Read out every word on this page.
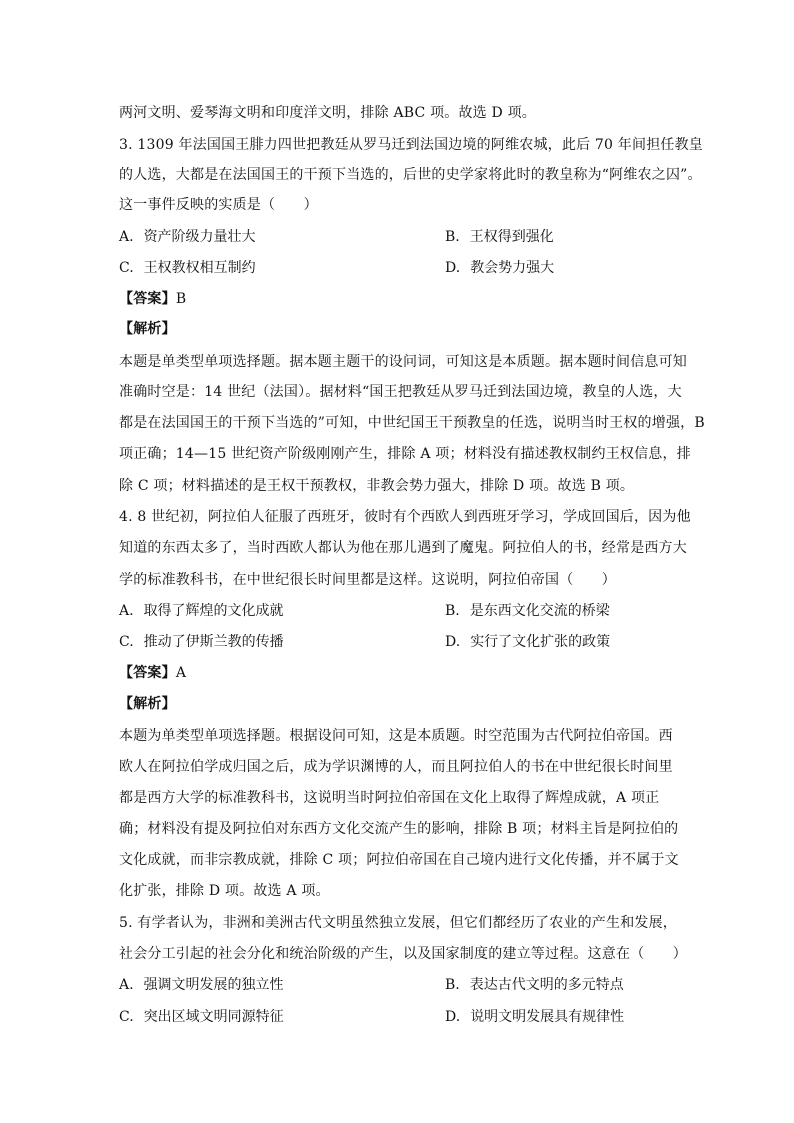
两河文明、爱琴海文明和印度洋文明，排除 ABC 项。故选 D 项。
3. 1309 年法国国王腓力四世把教廷从罗马迁到法国边境的阿维农城，此后 70 年间担任教皇
的人选，大都是在法国国王的干预下当选的，后世的史学家将此时的教皇称为“阿维农之囚”。
这一事件反映的实质是（　　）
A. 资产阶级力量壮大	B. 王权得到强化
C. 王权教权相互制约	D. 教会势力强大
【答案】B
【解析】
本题是单类型单项选择题。据本题主题干的设问词，可知这是本质题。据本题时间信息可知
准确时空是：14 世纪（法国）。据材料“国王把教廷从罗马迁到法国边境，教皇的人选，大
都是在法国国王的干预下当选的”可知，中世纪国王干预教皇的任选，说明当时王权的增强，B
项正确；14—15 世纪资产阶级刚刚产生，排除 A 项；材料没有描述教权制约王权信息，排
除 C 项；材料描述的是王权干预教权，非教会势力强大，排除 D 项。故选 B 项。
4. 8 世纪初，阿拉伯人征服了西班牙，彼时有个西欧人到西班牙学习，学成回国后，因为他
知道的东西太多了，当时西欧人都认为他在那儿遇到了魔鬼。阿拉伯人的书，经常是西方大
学的标准教科书，在中世纪很长时间里都是这样。这说明，阿拉伯帝国（　　）
A. 取得了辉煌的文化成就	B. 是东西文化交流的桥梁
C. 推动了伊斯兰教的传播	D. 实行了文化扩张的政策
【答案】A
【解析】
本题为单类型单项选择题。根据设问可知，这是本质题。时空范围为古代阿拉伯帝国。西
欧人在阿拉伯学成归国之后，成为学识渊博的人，而且阿拉伯人的书在中世纪很长时间里
都是西方大学的标准教科书，这说明当时阿拉伯帝国在文化上取得了辉煌成就，A 项正
确；材料没有提及阿拉伯对东西方文化交流产生的影响，排除 B 项；材料主旨是阿拉伯的
文化成就，而非宗教成就，排除 C 项；阿拉伯帝国在自己境内进行文化传播，并不属于文
化扩张，排除 D 项。故选 A 项。
5. 有学者认为，非洲和美洲古代文明虽然独立发展，但它们都经历了农业的产生和发展，
社会分工引起的社会分化和统治阶级的产生，以及国家制度的建立等过程。这意在（　　）
A. 强调文明发展的独立性	B. 表达古代文明的多元特点
C. 突出区域文明同源特征	D. 说明文明发展具有规律性
